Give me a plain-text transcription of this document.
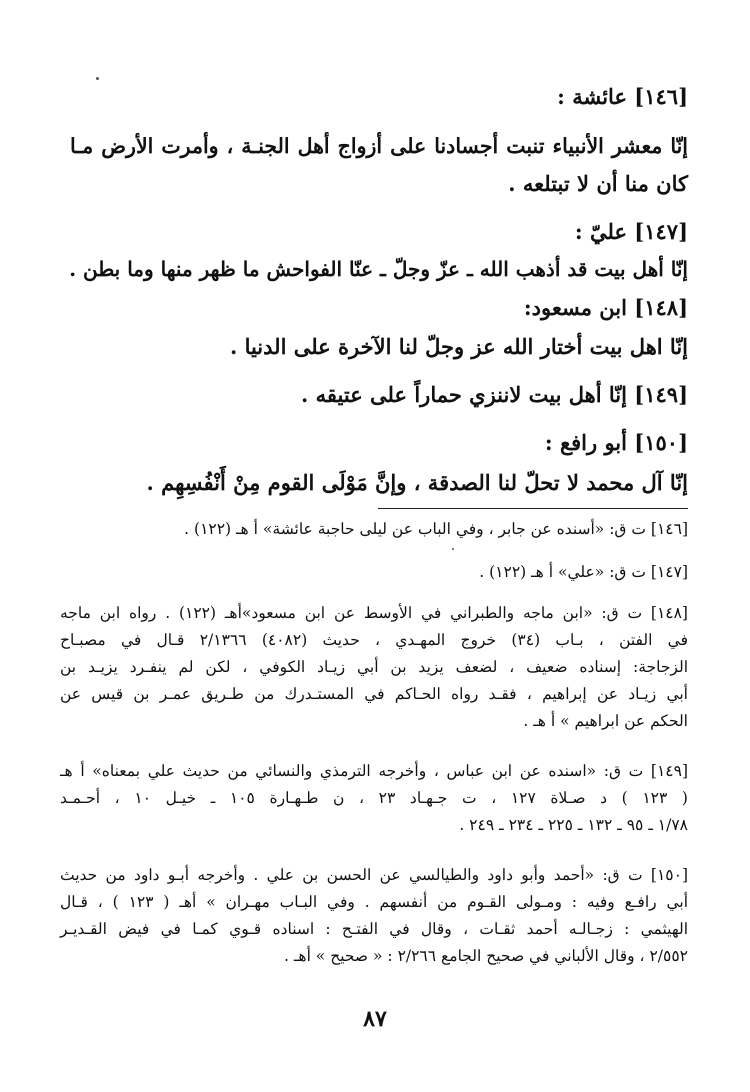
[١٤٦] عائشة :
إنّا معشر الأنبياء تنبت أجسادنا على أزواج أهل الجنـة ، وأمرت الأرض مـا
كان منا أن لا تبتلعه .
[١٤٧] عليّ :
إنّا أهل بيت قد أذهب الله ـ عزّ وجلّ ـ عنّا الفواحش ما ظهر منها وما بطن .
[١٤٨] ابن مسعود:
إنّا اهل بيت أختار الله عز وجلّ لنا الآخرة على الدنيا .
[١٤٩] إنّا أهل بيت لاننزي حماراً على عتيقه .
[١٥٠] أبو رافع :
إنّا آل محمد لا تحلّ لنا الصدقة ، وإنَّ مَوْلَى القوم مِنْ أَنْفُسِهِم .
[١٤٦] ت ق: «أسنده عن جابر ، وفي الباب عن ليلى حاجبة عائشة» أ هـ (١٢٢) .
[١٤٧] ت ق: «علي» أ هـ (١٢٢) .
[١٤٨] ت ق: «ابن ماجه والطبراني في الأوسط عن ابن مسعود»أهـ (١٢٢) . رواه ابن ماجه
في الفتن ، بـاب (٣٤) خروج المهـدي ، حديث (٤٠٨٢) ٢/١٣٦٦ قـال في مصبـاح
الزجاجة: إسناده ضعيف ، لضعف يزيد بن أبي زيـاد الكوفي ، لكن لم ينفـرد يزيـد بن
أبي زيـاد عن إبراهيم ، فقـد رواه الحـاكم في المستـدرك من طـريق عمـر بن قيس عن
الحكم عن ابراهيم » أ هـ .
[١٤٩] ت ق: «اسنده عن ابن عباس ، وأخرجه الترمذي والنسائي من حديث علي بمعناه» أ هـ
( ١٢٣ ) د صـلاة ١٢٧ ، ت جـهـاد ٢٣ ، ن طـهـارة ١٠٥ ـ خيـل ١٠ ، أحـمـد
١/٧٨ ـ ٩٥ ـ ١٣٢ ـ ٢٢٥ ـ ٢٣٤ ـ ٢٤٩ .
[١٥٠] ت ق: «أحمد وأبو داود والطيالسي عن الحسن بن علي . وأخرجه أبـو داود من حديث
أبي رافـع وفيه : ومـولى القـوم من أنفسهم . وفي البـاب مهـران » أهـ ( ١٢٣ ) ، قـال
الهيثمي : زجـالـه أحمد ثقـات ، وقال في الفتـح : اسناده قـوي كمـا في فيض القـديـر
٢/٥٥٢ ، وقال الألباني في صحيح الجامع ٢/٢٦٦ : « صحيح » أهـ .
٨٧
